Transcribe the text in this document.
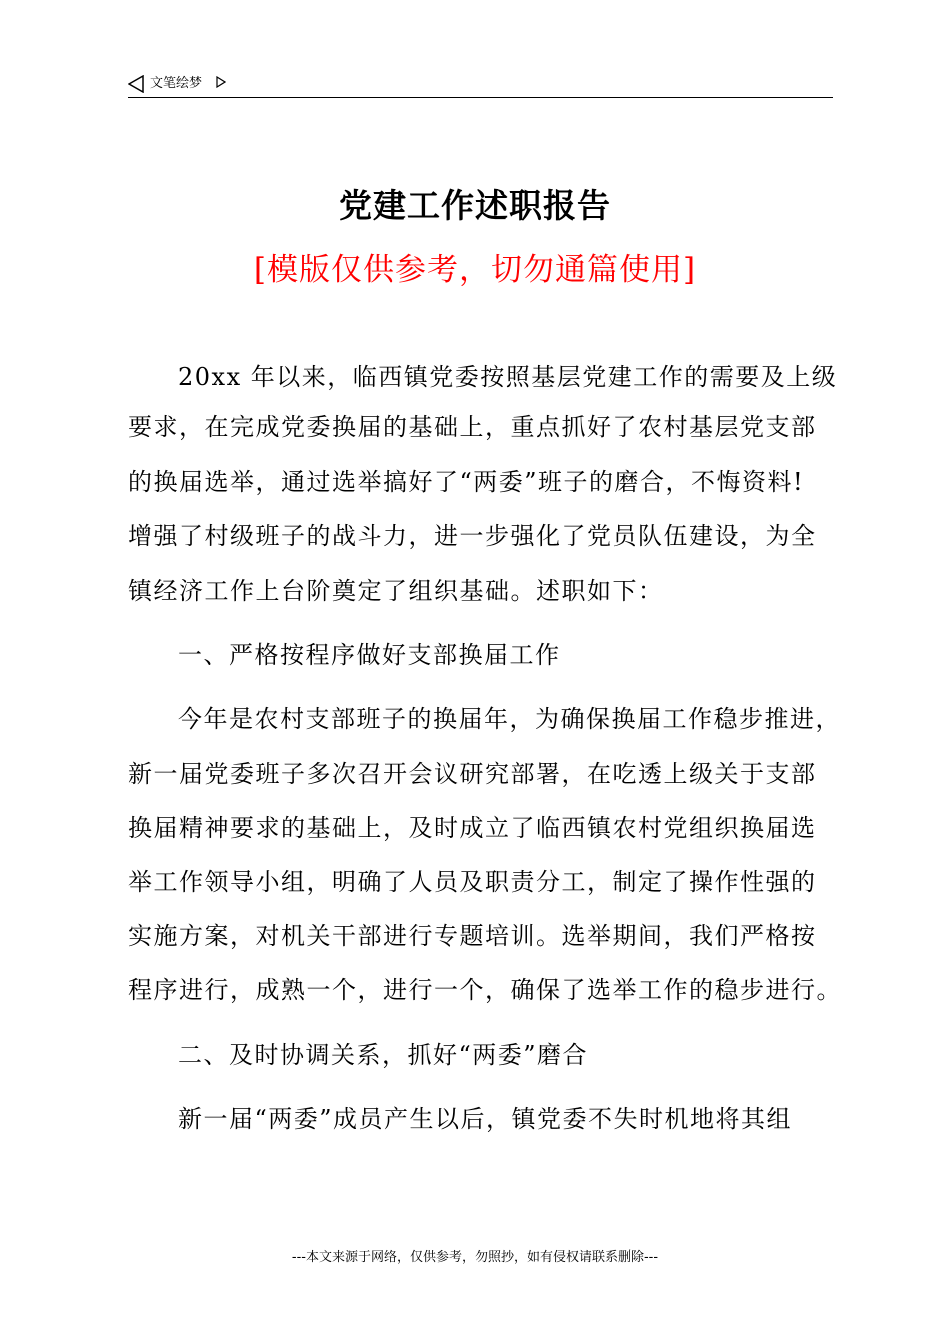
文笔绘梦
党建工作述职报告
[模版仅供参考，切勿通篇使用]
20xx 年以来，临西镇党委按照基层党建工作的需要及上级
要求，在完成党委换届的基础上，重点抓好了农村基层党支部
的换届选举，通过选举搞好了“两委”班子的磨合，不悔资料!
增强了村级班子的战斗力，进一步强化了党员队伍建设，为全
镇经济工作上台阶奠定了组织基础。述职如下：
一、严格按程序做好支部换届工作
今年是农村支部班子的换届年，为确保换届工作稳步推进，
新一届党委班子多次召开会议研究部署，在吃透上级关于支部
换届精神要求的基础上，及时成立了临西镇农村党组织换届选
举工作领导小组，明确了人员及职责分工，制定了操作性强的
实施方案，对机关干部进行专题培训。选举期间，我们严格按
程序进行，成熟一个，进行一个，确保了选举工作的稳步进行。
二、及时协调关系，抓好“两委”磨合
新一届“两委”成员产生以后，镇党委不失时机地将其组
---本文来源于网络，仅供参考，勿照抄，如有侵权请联系删除---
